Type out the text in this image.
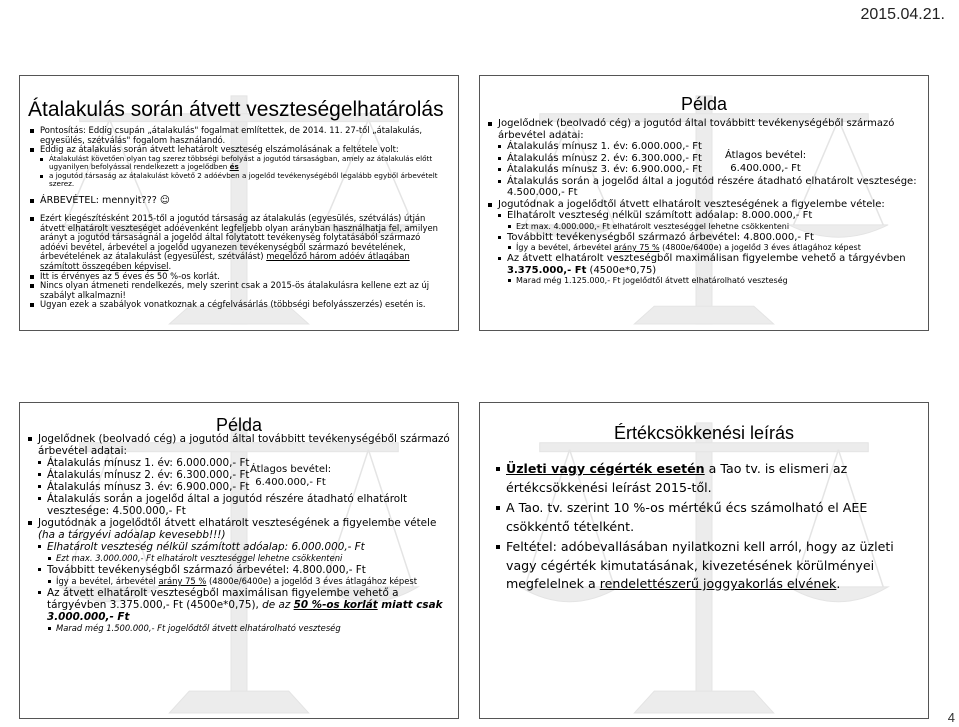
2015.04.21.
Átalakulás során átvett veszteségelhatárolás
Pontosítás: Eddig csupán „átalakulás" fogalmat említettek, de 2014. 11. 27-től „átalakulás, egyesülés, szétválás" fogalom használandó.
Eddig az átalakulás során átvett lehatárolt veszteség elszámolásának a feltétele volt:
Átalakulást követően olyan tag szerez többségi befolyást a jogutód társaságban, amely az átalakulás előtt ugyanilyen befolyással rendelkezett a jogelődben és
a jogutód társaság az átalakulást követő 2 adóévben a jogelőd tevékenységéből legalább egyből árbevételt szerez.
ÁRBEVÉTEL: mennyit??? ☺
Ezért kiegészítésként 2015-től a jogutód társaság az átalakulás (egyesülés, szétválás) útján átvett elhatárolt veszteséget adóévenként legfeljebb olyan arányban használhatja fel, amilyen arányt a jogutód társaságnál a jogelőd által folytatott tevékenység folytatásából származó adóévi bevétel, árbevétel a jogelőd ugyanezen tevékenységből származó bevételének, árbevételének az átalakulást (egyesülést, szétválást) megelőző három adóév átlagában számított összegében képvisel.
Itt is érvényes az 5 éves és 50 %-os korlát.
Nincs olyan átmeneti rendelkezés, mely szerint csak a 2015-ös átalakulásra kellene ezt az új szabályt alkalmazni!
Ugyan ezek a szabályok vonatkoznak a cégfelvásárlás (többségi befolyásszerzés) esetén is.
Példa
Átlagos bevétel:
6.400.000,- Ft
Jogelődnek (beolvadó cég) a jogutód által továbbitt tevékenységéből származó árbevétel adatai:
Átalakulás mínusz 1. év: 6.000.000,- Ft
Átalakulás mínusz 2. év: 6.300.000,- Ft
Átalakulás mínusz 3. év: 6.900.000,- Ft
Átalakulás során a jogelőd által a jogutód részére átadható elhatárolt vesztesége: 4.500.000,- Ft
Jogutódnak a jogelődtől átvett elhatárolt veszteségének a figyelembe vétele:
Elhatárolt veszteség nélkül számított adóalap: 8.000.000,- Ft
Ezt max. 4.000.000,- Ft elhatárolt veszteséggel lehetne csökkenteni
Továbbitt tevékenységből származó árbevétel: 4.800.000,- Ft
Így a bevétel, árbevétel arány 75 % (4800e/6400e) a jogelőd 3 éves átlagához képest
Az átvett elhatárolt veszteségből maximálisan figyelembe vehető a tárgyévben 3.375.000,- Ft (4500e*0,75)
Marad még 1.125.000,- Ft jogelődtől átvett elhatárolható veszteség
Példa
Átlagos bevétel:
6.400.000,- Ft
Jogelődnek (beolvadó cég) a jogutód által továbbitt tevékenységéből származó árbevétel adatai:
Átalakulás mínusz 1. év: 6.000.000,- Ft
Átalakulás mínusz 2. év: 6.300.000,- Ft
Átalakulás mínusz 3. év: 6.900.000,- Ft
Átalakulás során a jogelőd által a jogutód részére átadható elhatárolt vesztesége: 4.500.000,- Ft
Jogutódnak a jogelődtől átvett elhatárolt veszteségének a figyelembe vétele (ha a tárgyévi adóalap kevesebb!!!)
Elhatárolt veszteség nélkül számított adóalap: 6.000.000,- Ft
Ezt max. 3.000.000,- Ft elhatárolt veszteséggel lehetne csökkenteni
Továbbitt tevékenységből származó árbevétel: 4.800.000,- Ft
Így a bevétel, árbevétel arány 75 % (4800e/6400e) a jogelőd 3 éves átlagához képest
Az átvett elhatárolt veszteségből maximálisan figyelembe vehető a tárgyévben 3.375.000,- Ft (4500e*0,75), de az 50 %-os korlát miatt csak 3.000.000,- Ft
Marad még 1.500.000,- Ft jogelődtől átvett elhatárolható veszteség
Értékcsökkenési leírás
Üzleti vagy cégérték esetén a Tao tv. is elismeri az értékcsökkenési leírást 2015-től.
A Tao. tv. szerint 10 %-os mértékű écs számolható el AEE csökkentő tételként.
Feltétel: adóbevallásában nyilatkozni kell arról, hogy az üzleti vagy cégérték kimutatásának, kivezetésének körülményei megfelelnek a rendelettészerű joggyakorlás elvének.
4
